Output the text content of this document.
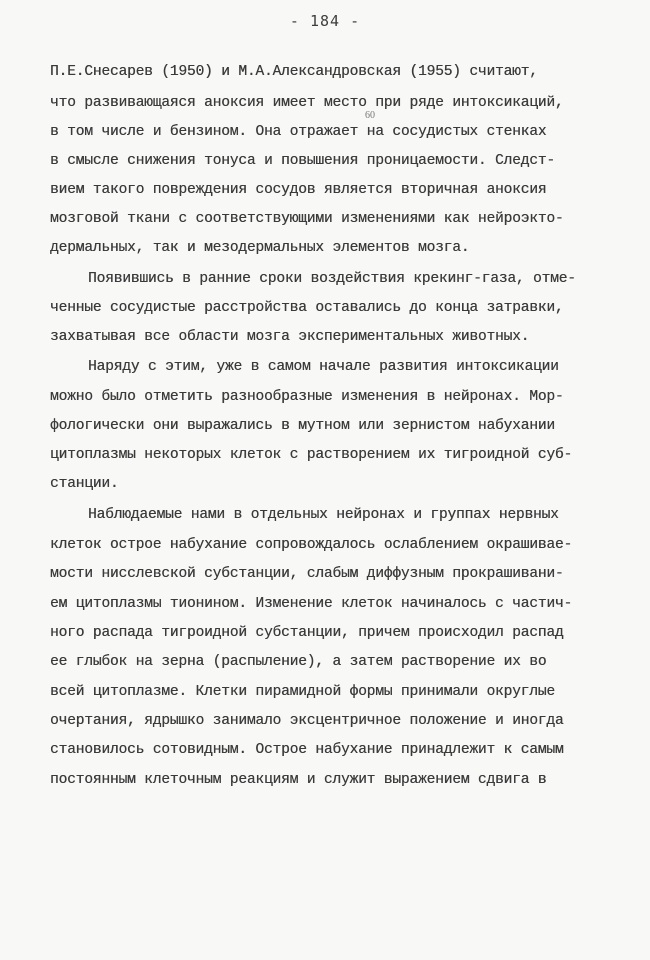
- 184 -
60
П.Е.Снесарев (1950) и М.А.Александровская (1955) считают,
что развивающаяся аноксия имеет место при ряде интоксикаций,
в том числе и бензином. Она отражает на сосудистых стенках
в смысле снижения тонуса и повышения проницаемости. Следст-
вием такого повреждения сосудов является вторичная аноксия
мозговой ткани с соответствующими изменениями как нейроэкто-
дермальных, так и мезодермальных элементов мозга.
Появившись в ранние сроки воздействия крекинг-газа, отме-
ченные сосудистые расстройства оставались до конца затравки,
захватывая все области мозга экспериментальных животных.
Наряду с этим, уже в самом начале развития интоксикации
можно было отметить разнообразные изменения в нейронах. Мор-
фологически они выражались в мутном или зернистом набухании
цитоплазмы некоторых клеток с растворением их тигроидной суб-
станции.
Наблюдаемые нами в отдельных нейронах и группах нервных
клеток острое набухание сопровождалось ослаблением окрашивае-
мости нисслевской субстанции, слабым диффузным прокрашивани-
ем цитоплазмы тионином. Изменение клеток начиналось с частич-
ного распада тигроидной субстанции, причем происходил распад
ее глыбок на зерна (распыление), а затем растворение их во
всей цитоплазме. Клетки пирамидной формы принимали округлые
очертания, ядрышко занимало эксцентричное положение и иногда
становилось сотовидным. Острое набухание принадлежит к самым
постоянным клеточным реакциям и служит выражением сдвига в
